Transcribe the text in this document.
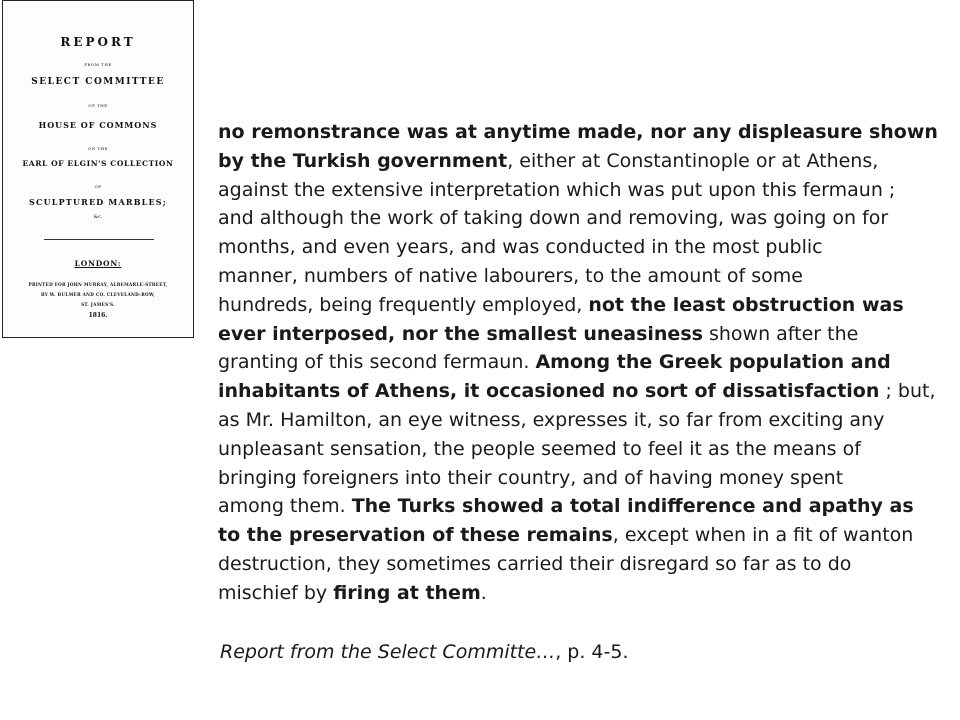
REPORT
FROM THE
SELECT COMMITTEE
OF THE
HOUSE OF COMMONS
ON THE
EARL OF ELGIN'S COLLECTION
OF
SCULPTURED MARBLES;
&c.
LONDON:
PRINTED FOR JOHN MURRAY, ALBEMARLE-STREET,
BY W. BULMER AND CO. CLEVELAND-ROW,
ST. JAMES'S.
1816.
no remonstrance was at anytime made, nor any displeasure shown
by the Turkish government, either at Constantinople or at Athens,
against the extensive interpretation which was put upon this fermaun ;
and although the work of taking down and removing, was going on for
months, and even years, and was conducted in the most public
manner, numbers of native labourers, to the amount of some
hundreds, being frequently employed, not the least obstruction was
ever interposed, nor the smallest uneasiness shown after the
granting of this second fermaun. Among the Greek population and
inhabitants of Athens, it occasioned no sort of dissatisfaction ; but,
as Mr. Hamilton, an eye witness, expresses it, so far from exciting any
unpleasant sensation, the people seemed to feel it as the means of
bringing foreigners into their country, and of having money spent
among them. The Turks showed a total indifference and apathy as
to the preservation of these remains, except when in a fit of wanton
destruction, they sometimes carried their disregard so far as to do
mischief by firing at them.
Report from the Select Committe…, p. 4-5.
